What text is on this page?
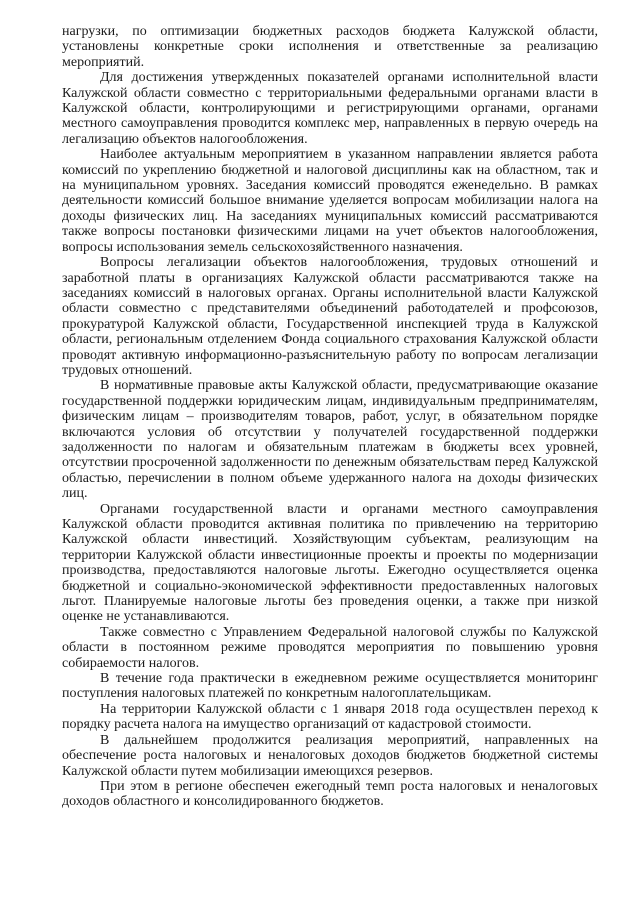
нагрузки, по оптимизации бюджетных расходов бюджета Калужской области, установлены конкретные сроки исполнения и ответственные за реализацию мероприятий.

Для достижения утвержденных показателей органами исполнительной власти Калужской области совместно с территориальными федеральными органами власти в Калужской области, контролирующими и регистрирующими органами, органами местного самоуправления проводится комплекс мер, направленных в первую очередь на легализацию объектов налогообложения.

Наиболее актуальным мероприятием в указанном направлении является работа комиссий по укреплению бюджетной и налоговой дисциплины как на областном, так и на муниципальном уровнях. Заседания комиссий проводятся еженедельно. В рамках деятельности комиссий большое внимание уделяется вопросам мобилизации налога на доходы физических лиц. На заседаниях муниципальных комиссий рассматриваются также вопросы постановки физическими лицами на учет объектов налогообложения, вопросы использования земель сельскохозяйственного назначения.

Вопросы легализации объектов налогообложения, трудовых отношений и заработной платы в организациях Калужской области рассматриваются также на заседаниях комиссий в налоговых органах. Органы исполнительной власти Калужской области совместно с представителями объединений работодателей и профсоюзов, прокуратурой Калужской области, Государственной инспекцией труда в Калужской области, региональным отделением Фонда социального страхования Калужской области проводят активную информационно-разъяснительную работу по вопросам легализации трудовых отношений.

В нормативные правовые акты Калужской области, предусматривающие оказание государственной поддержки юридическим лицам, индивидуальным предпринимателям, физическим лицам – производителям товаров, работ, услуг, в обязательном порядке включаются условия об отсутствии у получателей государственной поддержки задолженности по налогам и обязательным платежам в бюджеты всех уровней, отсутствии просроченной задолженности по денежным обязательствам перед Калужской областью, перечислении в полном объеме удержанного налога на доходы физических лиц.

Органами государственной власти и органами местного самоуправления Калужской области проводится активная политика по привлечению на территорию Калужской области инвестиций. Хозяйствующим субъектам, реализующим на территории Калужской области инвестиционные проекты и проекты по модернизации производства, предоставляются налоговые льготы. Ежегодно осуществляется оценка бюджетной и социально-экономической эффективности предоставленных налоговых льгот. Планируемые налоговые льготы без проведения оценки, а также при низкой оценке не устанавливаются.

Также совместно с Управлением Федеральной налоговой службы по Калужской области в постоянном режиме проводятся мероприятия по повышению уровня собираемости налогов.

В течение года практически в ежедневном режиме осуществляется мониторинг поступления налоговых платежей по конкретным налогоплательщикам.

На территории Калужской области с 1 января 2018 года осуществлен переход к порядку расчета налога на имущество организаций от кадастровой стоимости.

В дальнейшем продолжится реализация мероприятий, направленных на обеспечение роста налоговых и неналоговых доходов бюджетов бюджетной системы Калужской области путем мобилизации имеющихся резервов.

При этом в регионе обеспечен ежегодный темп роста налоговых и неналоговых доходов областного и консолидированного бюджетов.
